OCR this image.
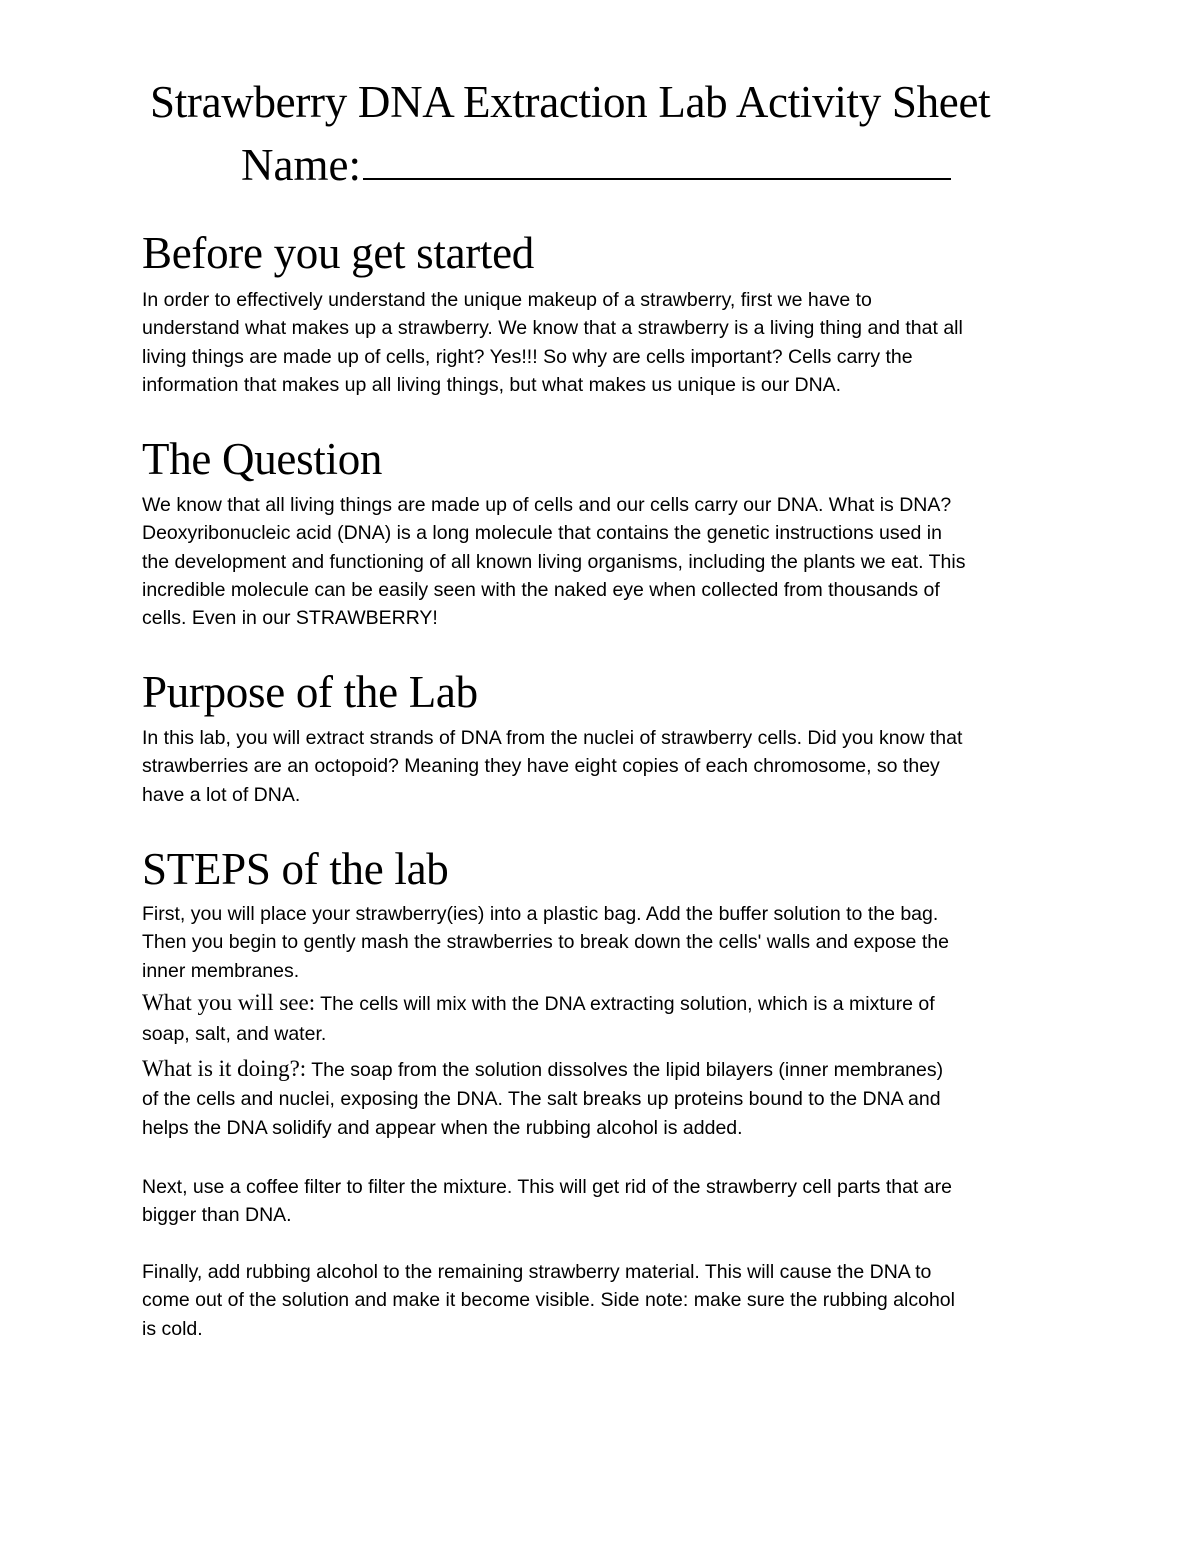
Strawberry DNA Extraction Lab Activity Sheet
Name:
Before you get started
In order to effectively understand the unique makeup of a strawberry, first we have to
understand what makes up a strawberry. We know that a strawberry is a living thing and that all
living things are made up of cells, right? Yes!!! So why are cells important? Cells carry the
information that makes up all living things, but what makes us unique is our DNA.
The Question
We know that all living things are made up of cells and our cells carry our DNA. What is DNA?
Deoxyribonucleic acid (DNA) is a long molecule that contains the genetic instructions used in
the development and functioning of all known living organisms, including the plants we eat. This
incredible molecule can be easily seen with the naked eye when collected from thousands of
cells. Even in our STRAWBERRY!
Purpose of the Lab
In this lab, you will extract strands of DNA from the nuclei of strawberry cells. Did you know that
strawberries are an octopoid? Meaning they have eight copies of each chromosome, so they
have a lot of DNA.
STEPS of the lab
First, you will place your strawberry(ies) into a plastic bag. Add the buffer solution to the bag.
Then you begin to gently mash the strawberries to break down the cells' walls and expose the
inner membranes.
What you will see: The cells will mix with the DNA extracting solution, which is a mixture of
soap, salt, and water.
What is it doing?: The soap from the solution dissolves the lipid bilayers (inner membranes)
of the cells and nuclei, exposing the DNA. The salt breaks up proteins bound to the DNA and
helps the DNA solidify and appear when the rubbing alcohol is added.
Next, use a coffee filter to filter the mixture. This will get rid of the strawberry cell parts that are
bigger than DNA.
Finally, add rubbing alcohol to the remaining strawberry material. This will cause the DNA to
come out of the solution and make it become visible. Side note: make sure the rubbing alcohol
is cold.
